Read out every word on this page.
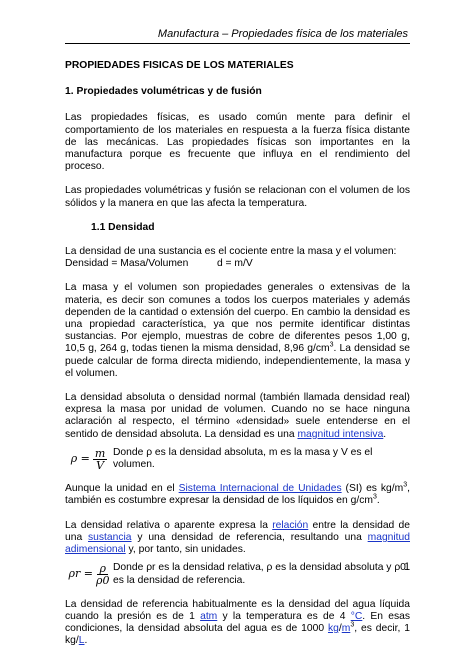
Manufactura – Propiedades física de los materiales

PROPIEDADES FISICAS DE LOS MATERIALES

1. Propiedades volumétricas y de fusión

Las propiedades físicas, es usado común mente para definir el comportamiento de los materiales en respuesta a la fuerza física distante de las mecánicas. Las propiedades físicas son importantes en la manufactura porque es frecuente que influya en el rendimiento del proceso.

Las propiedades volumétricas y fusión se relacionan con el volumen de los sólidos y la manera en que las afecta la temperatura.

1.1 Densidad

La densidad de una sustancia es el cociente entre la masa y el volumen:

Densidad = Masa/Volumen          d = m/V

La masa y el volumen son propiedades generales o extensivas de la materia, es decir son comunes a todos los cuerpos materiales y además dependen de la cantidad o extensión del cuerpo. En cambio la densidad es una propiedad característica, ya que nos permite identificar distintas sustancias. Por ejemplo, muestras de cobre de diferentes pesos 1,00 g, 10,5 g, 264 g, todas tienen la misma densidad, 8,96 $g/cm^3$. La densidad se puede calcular de forma directa midiendo, independientemente, la masa y el volumen.

La densidad absoluta o densidad normal (también llamada densidad real) expresa la masa por unidad de volumen. Cuando no se hace ninguna aclaración al respecto, el término «densidad» suele entenderse en el sentido de densidad absoluta. La densidad es una magnitud intensiva.

ρ
= $\frac{m}{V}$ Donde ρ es la densidad absoluta, m es la masa y V es el volumen.

Aunque la unidad en el Sistema Internacional de Unidades (SI) es $kg/m^3$, también es costumbre expresar la densidad de los líquidos en $g/cm^3$.

La densidad relativa o aparente expresa la relación entre la densidad de una sustancia y una densidad de referencia, resultando una magnitud adimensional y, por tanto, sin unidades.

ρr
= $\frac{\rho}{\rho 0}$ Donde ρr es la densidad relativa, ρ es la densidad absoluta y ρ0 es la densidad de referencia.

La densidad de referencia habitualmente es la densidad del agua líquida cuando la presión es de 1 atm y la temperatura es de 4 °C. En esas condiciones, la densidad absoluta del agua es de 1000 $kg/m^3$, es decir, 1 kg/L.

1
